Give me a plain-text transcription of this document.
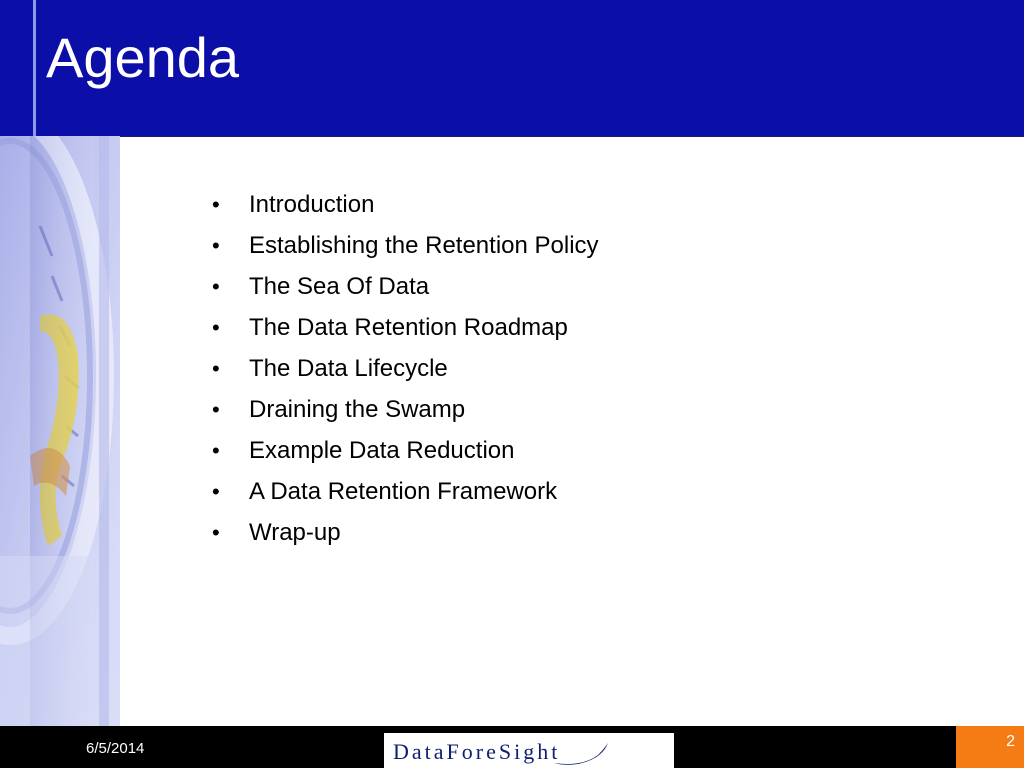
Agenda
• Introduction
• Establishing the Retention Policy
• The Sea Of Data
• The Data Retention Roadmap
• The Data Lifecycle
• Draining the Swamp
• Example Data Reduction
• A Data Retention Framework
• Wrap-up
6/5/2014	DataForeSight	2
